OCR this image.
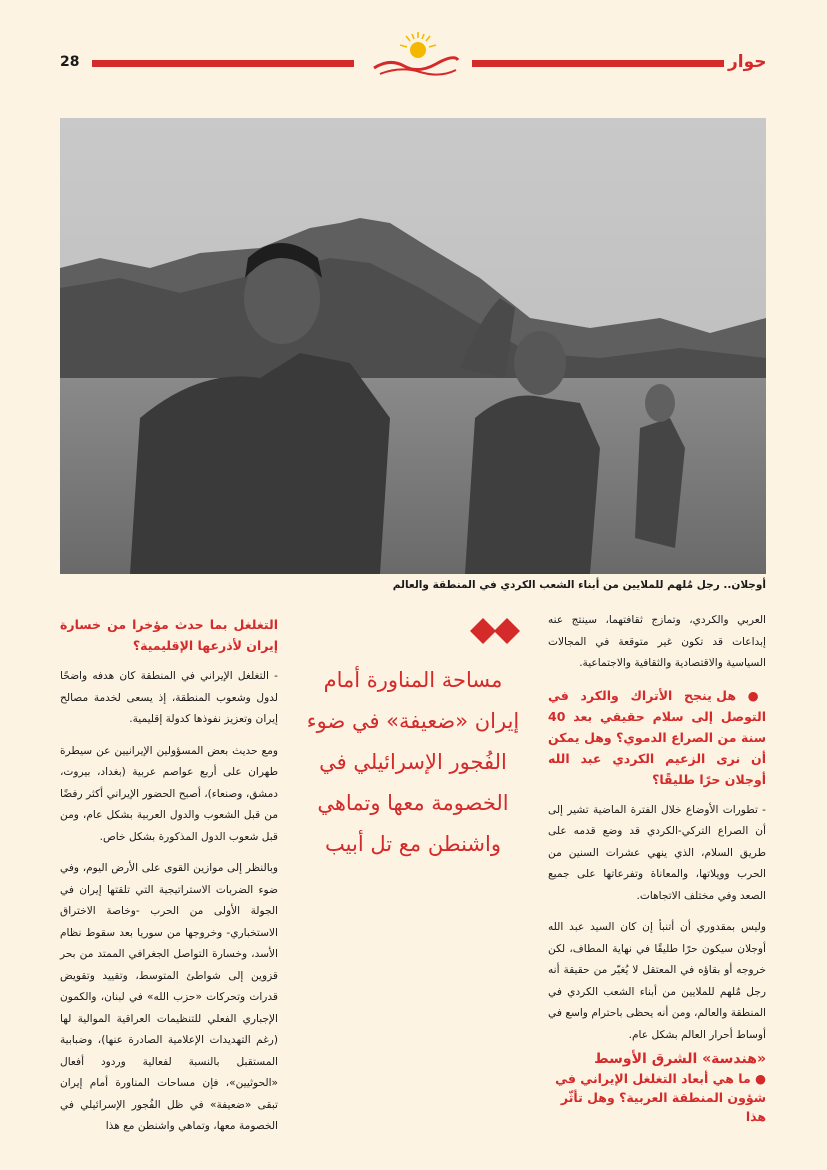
28	حوار
أوجلان.. رجل مُلهم للملايين من أبناء الشعب الكردي في المنطقة والعالم

العربي والكردي، وتمازج ثقافتهما، سينتج عنه إبداعات قد تكون غير متوقعة في المجالات السياسية والاقتصادية والثقافية والاجتماعية.

● هل ينجح الأتراك والكرد في التوصل إلى سلام حقيقي بعد 40 سنة من الصراع الدموي؟ وهل يمكن أن نرى الزعيم الكردي عبد الله أوجلان حرًا طليقًا؟

- تطورات الأوضاع خلال الفترة الماضية تشير إلى أن الصراع التركي-الكردي قد وضع قدمه على طريق السلام، الذي ينهي عشرات السنين من الحرب وويلاتها، والمعاناة وتفرعاتها على جميع الصعد وفي مختلف الاتجاهات.

وليس بمقدوري أن أتنبأ إن كان السيد عبد الله أوجلان سيكون حرًا طليقًا في نهاية المطاف، لكن خروجه أو بقاؤه في المعتقل لا يُغيّر من حقيقة أنه رجل مُلهم للملايين من أبناء الشعب الكردي في المنطقة والعالم، ومن أنه يحظى باحترام واسع في أوساط أحرار العالم بشكل عام.

«هندسة» الشرق الأوسط
● ما هي أبعاد التغلغل الإيراني في شؤون المنطقة العربية؟ وهل تأثّر هذا
مساحة المناورة أمام إيران «ضعيفة» في ضوء الفُجور الإسرائيلي في الخصومة معها وتماهي واشنطن مع تل أبيب

التغلغل بما حدث مؤخرا من خسارة إيران لأذرعها الإقليمية؟

- التغلغل الإيراني في المنطقة كان هدفه واضحًا لدول وشعوب المنطقة، إذ يسعى لخدمة مصالح إيران وتعزيز نفوذها كدولة إقليمية.

ومع حديث بعض المسؤولين الإيرانيين عن سيطرة طهران على أربع عواصم عربية (بغداد، بيروت، دمشق، وصنعاء)، أصبح الحضور الإيراني أكثر رفضًا من قبل الشعوب والدول العربية بشكل عام، ومن قبل شعوب الدول المذكورة بشكل خاص.

وبالنظر إلى موازين القوى على الأرض اليوم، وفي ضوء الضربات الاستراتيجية التي تلقتها إيران في الجولة الأولى من الحرب -وخاصة الاختراق الاستخباري- وخروجها من سوريا بعد سقوط نظام الأسد، وخسارة التواصل الجغرافي الممتد من بحر قزوين إلى شواطئ المتوسط، وتقييد وتقويض قدرات وتحركات «حزب الله» في لبنان، والكمون الإجباري الفعلي للتنظيمات العراقية الموالية لها (رغم التهديدات الإعلامية الصادرة عنها)، وضبابية المستقبل بالنسبة لفعالية وردود أفعال «الحوثيين»، فإن مساحات المناورة أمام إيران تبقى «ضعيفة» في ظل الفُجور الإسرائيلي في الخصومة معها، وتماهي واشنطن مع هذا
